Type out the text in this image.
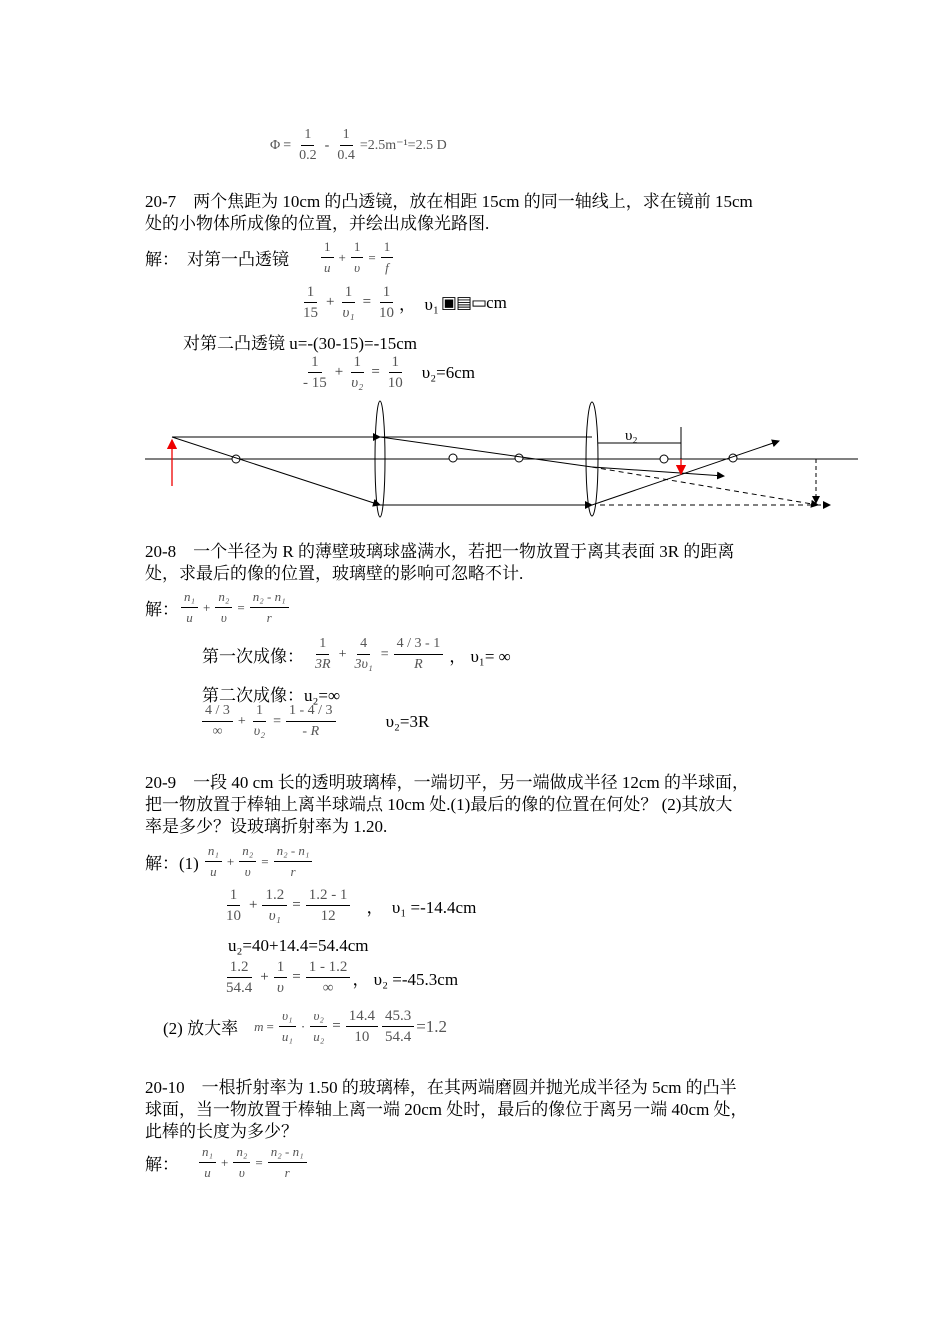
$\Phi = \frac{1}{0.2} - \frac{1}{0.4} =2.5m^{-1}=2.5$ D
20-7　两个焦距为 10cm 的凸透镜，放在相距 15cm 的同一轴线上，求在镜前 15cm
处的小物体所成像的位置，并绘出成像光路图.
解： 对第一凸透镜 $\frac{1}{u} + \frac{1}{\upsilon} = \frac{1}{f}$
$\frac{1}{15} + \frac{1}{\text{υ₁}} = \frac{1}{10}$ ，　υ₁ ▣▤▭ cm
对第二凸透镜 u=-(30-15)=-15cm
$\frac{1}{- 15} + \frac{1}{\text{υ₂}} = \frac{1}{10} \upsilon_2=6cm$
υ₂
20-8　一个半径为 R 的薄壁玻璃球盛满水，若把一物放置于离其表面 3R 的距离
处，求最后的像的位置，玻璃壁的影响可忽略不计.
解： $\frac{\text{n₁}}{u} + \frac{\text{n₂}}{\upsilon} = \frac{\text{n₂ - n₁}}{r}$
第一次成像： $\frac{1}{3R} + \frac{4}{\text{3υ₁}} = \frac{4 / 3 - 1}{R}$ ， υ₁= ∞
第二次成像：u₂=∞
$\frac{4 / 3}{\infty} + \frac{1}{\text{υ₂}} = \frac{1 - 4 / 3}{- R}$	υ₂=3R
20-9　一段 40 cm 长的透明玻璃棒，一端切平，另一端做成半径 12cm 的半球面，
把一物放置于棒轴上离半球端点 10cm 处.(1)最后的像的位置在何处？ (2)其放大
率是多少？设玻璃折射率为 1.20.
解：$(1) \frac{\text{n₁}}{u} + \frac{\text{n₂}}{\upsilon} = \frac{\text{n₂ - n₁}}{r}$
$\frac{1}{10} + \frac{1.2}{\text{υ₁}} = \frac{1.2 - 1}{12}$ ，　υ₁ =-14.4cm
u₂=40+14.4=54.4cm
$\frac{1.2}{54.4} + \frac{1}{\upsilon} = \frac{1 - 1.2}{\infty}$ ， υ₂ =-45.3cm
(2) 放大率 $m = \frac{\text{υ₁}}{\text{u₁}} \cdot \frac{\text{υ₂}}{\text{u₂}} = \frac{14.4}{10} \frac{45.3}{54.4} =1.2$
20-10　一根折射率为 1.50 的玻璃棒，在其两端磨圆并抛光成半径为 5cm 的凸半
球面，当一物放置于棒轴上离一端 20cm 处时，最后的像位于离另一端 40cm 处，
此棒的长度为多少？
解： $\frac{\text{n₁}}{u} + \frac{\text{n₂}}{\upsilon} = \frac{\text{n₂ - n₁}}{r}$
